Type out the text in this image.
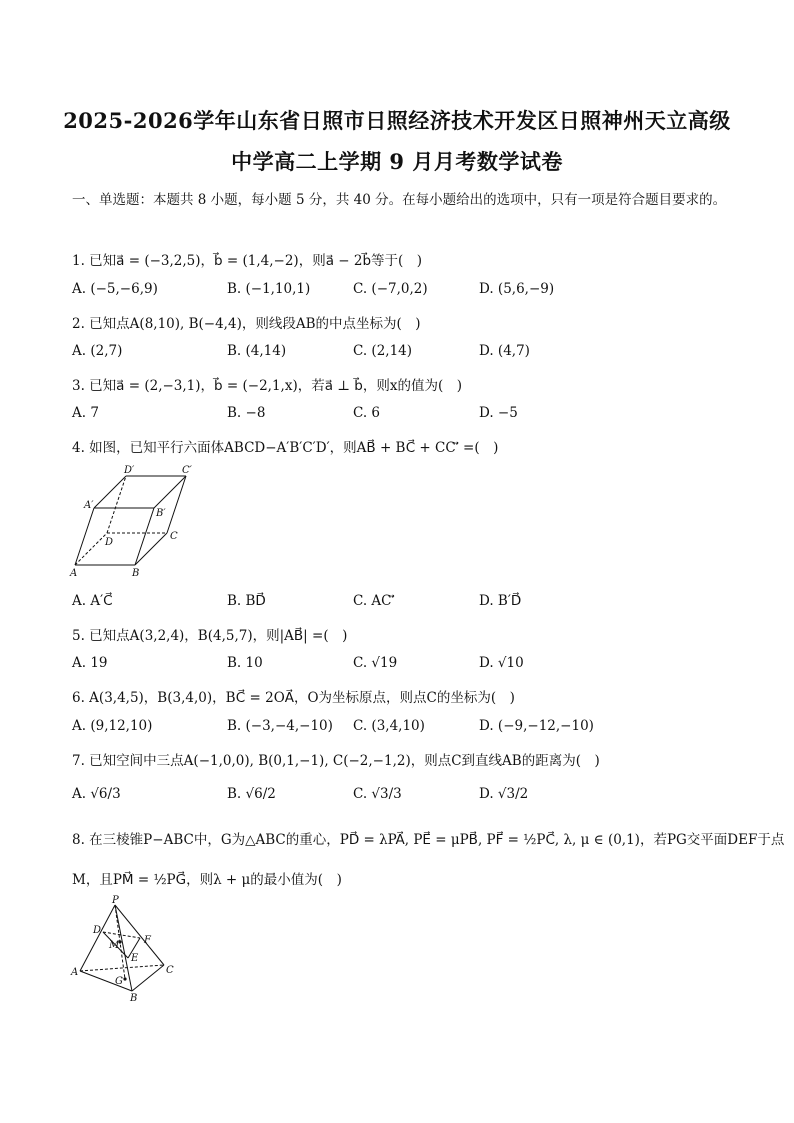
2025-2026学年山东省日照市日照经济技术开发区日照神州天立高级
中学高二上学期 9 月月考数学试卷
一、单选题：本题共 8 小题，每小题 5 分，共 40 分。在每小题给出的选项中，只有一项是符合题目要求的。
1. 已知a⃗ = (−3,2,5)，b⃗ = (1,4,−2)，则a⃗ − 2b⃗等于(　)
A. (−5,−6,9)	B. (−1,10,1)	C. (−7,0,2)	D. (5,6,−9)
2. 已知点A(8,10), B(−4,4)，则线段AB的中点坐标为(　)
A. (2,7)	B. (4,14)	C. (2,14)	D. (4,7)
3. 已知a⃗ = (2,−3,1)，b⃗ = (−2,1,x)，若a⃗ ⊥ b⃗，则x的值为(　)
A. 7	B. −8	C. 6	D. −5
4. 如图，已知平行六面体ABCD−A′B′C′D′，则AB⃗ + BC⃗ + CC′⃗ =(　)
A	B
C
D
A′
B′
C′
D′
A. A′C⃗	B. BD⃗	C. AC′⃗	D. B′D⃗
5. 已知点A(3,2,4)，B(4,5,7)，则|AB⃗| =(　)
A. 19	B. 10	C. √19	D. √10
6. A(3,4,5)，B(3,4,0)，BC⃗ = 2OA⃗，O为坐标原点，则点C的坐标为(　)
A. (9,12,10)	B. (−3,−4,−10) C. (3,4,10)	D. (−9,−12,−10)
7. 已知空间中三点A(−1,0,0), B(0,1,−1), C(−2,−1,2)，则点C到直线AB的距离为(　)
A. √6/3	B. √6/2	C. √3/3	D. √3/2
8. 在三棱锥P−ABC中，G为△ABC的重心，PD⃗ = λPA⃗, PE⃗ = μPB⃗, PF⃗ = ½PC⃗, λ, μ ∈ (0,1)，若PG交平面DEF于点
M，且PM⃗ = ½PG⃗，则λ + μ的最小值为(　)
P
A
B
C
D
E
F
G
M
